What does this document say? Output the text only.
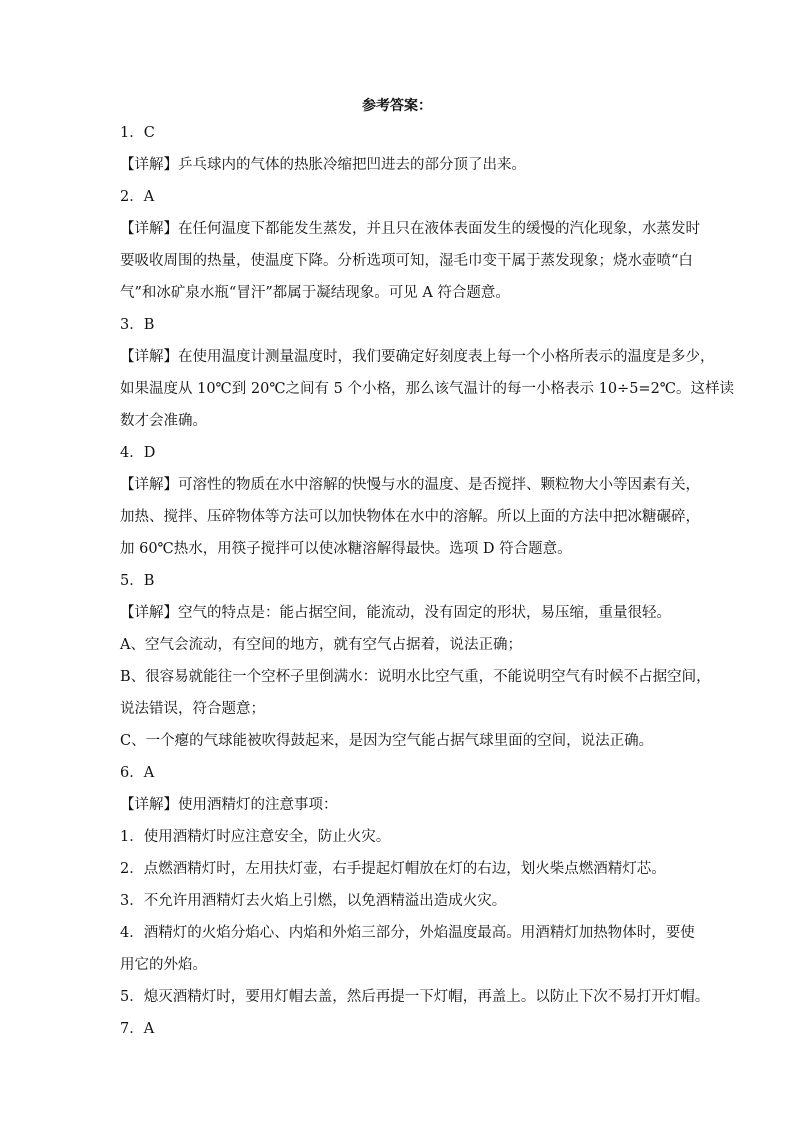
参考答案：
1．C
【详解】乒乓球内的气体的热胀冷缩把凹进去的部分顶了出来。
2．A
【详解】在任何温度下都能发生蒸发，并且只在液体表面发生的缓慢的汽化现象，水蒸发时
要吸收周围的热量，使温度下降。分析选项可知，湿毛巾变干属于蒸发现象；烧水壶喷“白
气”和冰矿泉水瓶“冒汗”都属于凝结现象。可见 A 符合题意。
3．B
【详解】在使用温度计测量温度时，我们要确定好刻度表上每一个小格所表示的温度是多少，
如果温度从 10℃到 20℃之间有 5 个小格，那么该气温计的每一小格表示 10÷5=2℃。这样读
数才会准确。
4．D
【详解】可溶性的物质在水中溶解的快慢与水的温度、是否搅拌、颗粒物大小等因素有关，
加热、搅拌、压碎物体等方法可以加快物体在水中的溶解。所以上面的方法中把冰糖碾碎，
加 60℃热水，用筷子搅拌可以使冰糖溶解得最快。选项 D 符合题意。
5．B
【详解】空气的特点是：能占据空间，能流动，没有固定的形状，易压缩，重量很轻。
A、空气会流动，有空间的地方，就有空气占据着，说法正确；
B、很容易就能往一个空杯子里倒满水：说明水比空气重，不能说明空气有时候不占据空间，
说法错误，符合题意；
C、一个瘪的气球能被吹得鼓起来，是因为空气能占据气球里面的空间，说法正确。
6．A
【详解】使用酒精灯的注意事项：
1．使用酒精灯时应注意安全，防止火灾。
2．点燃酒精灯时，左用扶灯壶，右手提起灯帽放在灯的右边，划火柴点燃酒精灯芯。
3．不允许用酒精灯去火焰上引燃，以免酒精溢出造成火灾。
4．酒精灯的火焰分焰心、内焰和外焰三部分，外焰温度最高。用酒精灯加热物体时，要使
用它的外焰。
5．熄灭酒精灯时，要用灯帽去盖，然后再提一下灯帽，再盖上。以防止下次不易打开灯帽。
7．A
